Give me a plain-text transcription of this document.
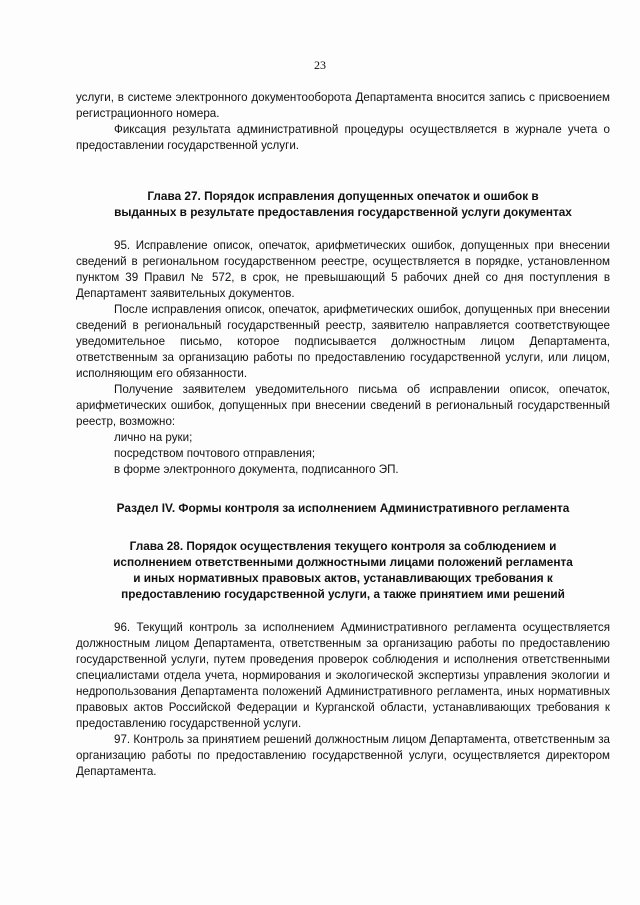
23

услуги, в системе электронного документооборота Департамента вносится запись с присвоением регистрационного номера.

Фиксация результата административной процедуры осуществляется в журнале учета о предоставлении государственной услуги.

Глава 27. Порядок исправления допущенных опечаток и ошибок в

выданных в результате предоставления государственной услуги документах

95. Исправление описок, опечаток, арифметических ошибок, допущенных при внесении сведений в региональном государственном реестре, осуществляется в порядке, установленном пунктом 39 Правил № 572, в срок, не превышающий 5 рабочих дней со дня поступления в Департамент заявительных документов.

После исправления описок, опечаток, арифметических ошибок, допущенных при внесении сведений в региональный государственный реестр, заявителю направляется соответствующее уведомительное письмо, которое подписывается должностным лицом Департамента, ответственным за организацию работы по предоставлению государственной услуги, или лицом, исполняющим его обязанности.

Получение заявителем уведомительного письма об исправлении описок, опечаток, арифметических ошибок, допущенных при внесении сведений в региональный государственный реестр, возможно:

лично на руки;

посредством почтового отправления;

в форме электронного документа, подписанного ЭП.

Раздел IV. Формы контроля за исполнением Административного регламента

Глава 28. Порядок осуществления текущего контроля за соблюдением и

исполнением ответственными должностными лицами положений регламента

и иных нормативных правовых актов, устанавливающих требования к

предоставлению государственной услуги, а также принятием ими решений

96. Текущий контроль за исполнением Административного регламента осуществляется должностным лицом Департамента, ответственным за организацию работы по предоставлению государственной услуги, путем проведения проверок соблюдения и исполнения ответственными специалистами отдела учета, нормирования и экологической экспертизы управления экологии и недропользования Департамента положений Административного регламента, иных нормативных правовых актов Российской Федерации и Курганской области, устанавливающих требования к предоставлению государственной услуги.

97. Контроль за принятием решений должностным лицом Департамента, ответственным за организацию работы по предоставлению государственной услуги, осуществляется директором Департамента.
